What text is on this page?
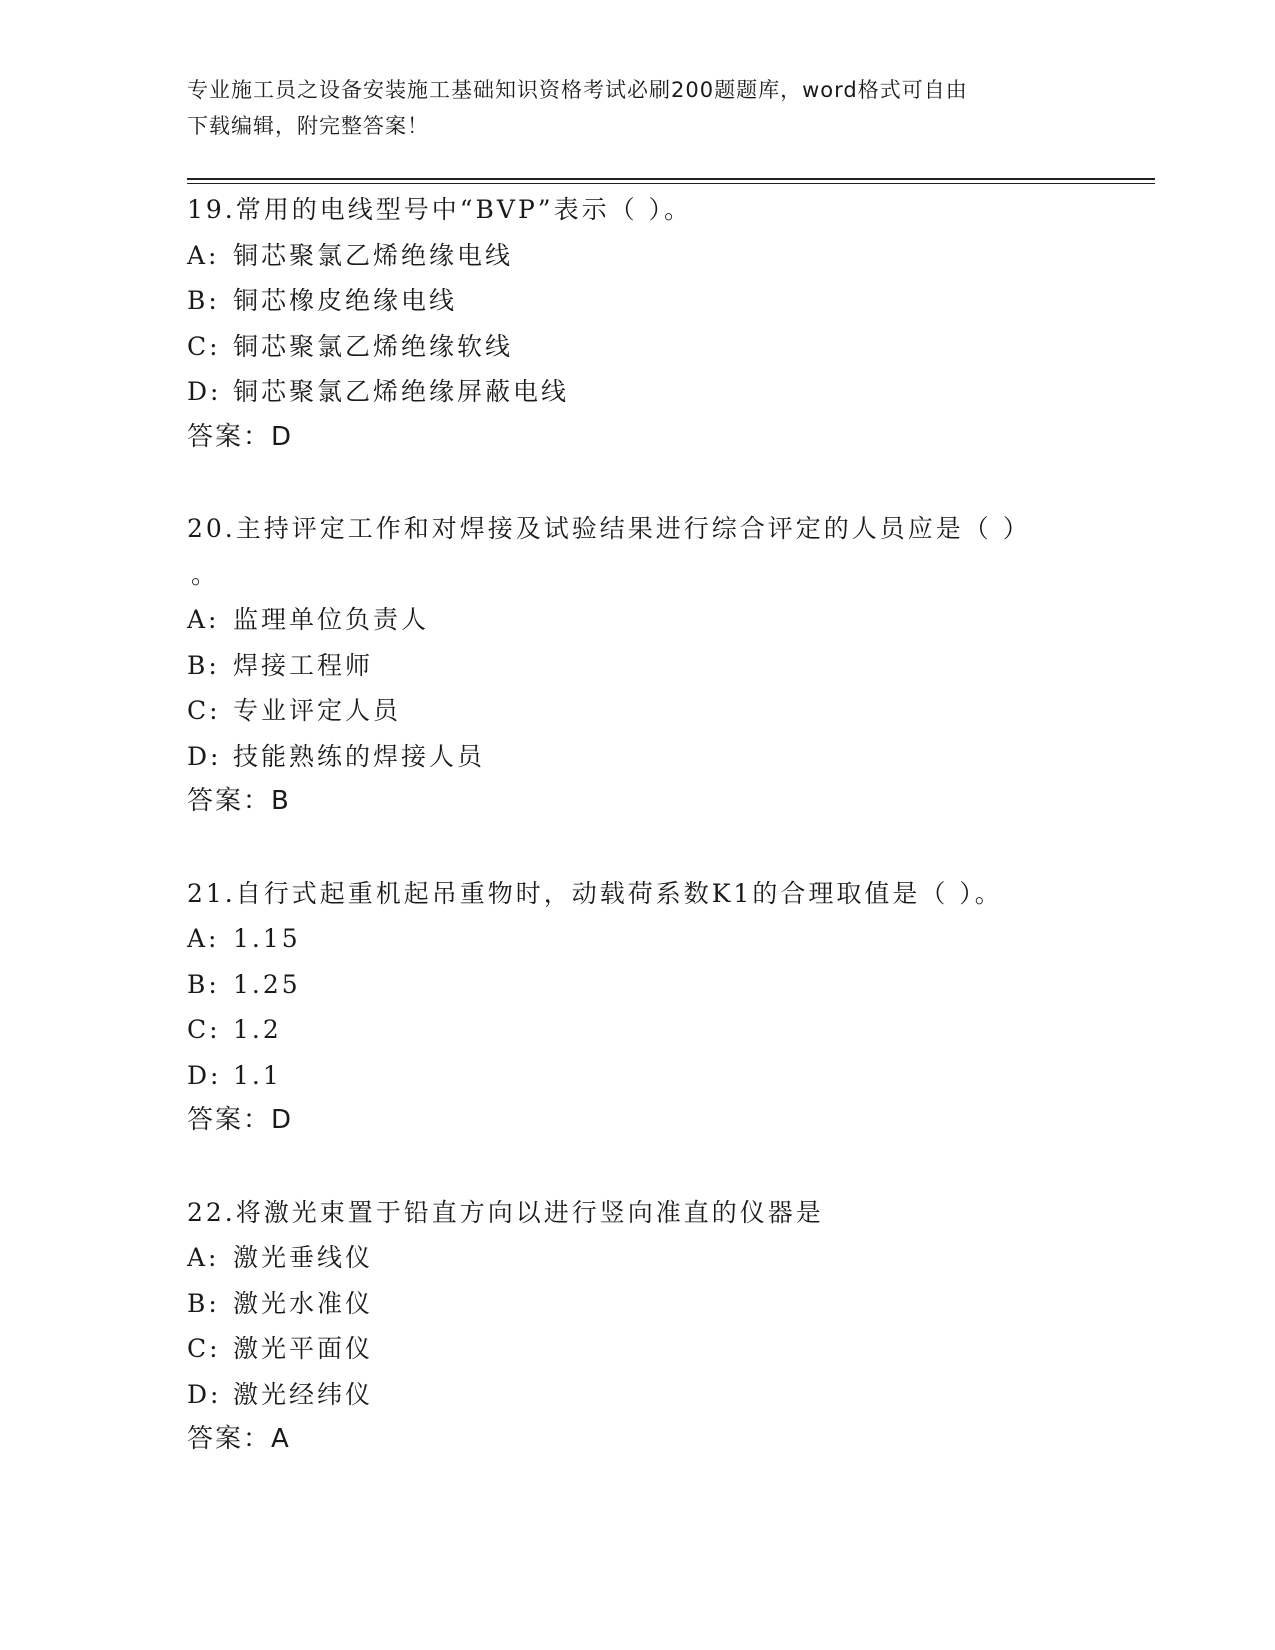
专业施工员之设备安装施工基础知识资格考试必刷200题题库，word格式可自由
下载编辑，附完整答案！
19.常用的电线型号中“BVP”表示（ ）。
A: 铜芯聚氯乙烯绝缘电线
B: 铜芯橡皮绝缘电线
C: 铜芯聚氯乙烯绝缘软线
D: 铜芯聚氯乙烯绝缘屏蔽电线
答案：D
20.主持评定工作和对焊接及试验结果进行综合评定的人员应是（ ）
。
A: 监理单位负责人
B: 焊接工程师
C: 专业评定人员
D: 技能熟练的焊接人员
答案：B
21.自行式起重机起吊重物时，动载荷系数K1的合理取值是（ ）。
A: 1.15
B: 1.25
C: 1.2
D: 1.1
答案：D
22.将激光束置于铅直方向以进行竖向准直的仪器是
A: 激光垂线仪
B: 激光水准仪
C: 激光平面仪
D: 激光经纬仪
答案：A
